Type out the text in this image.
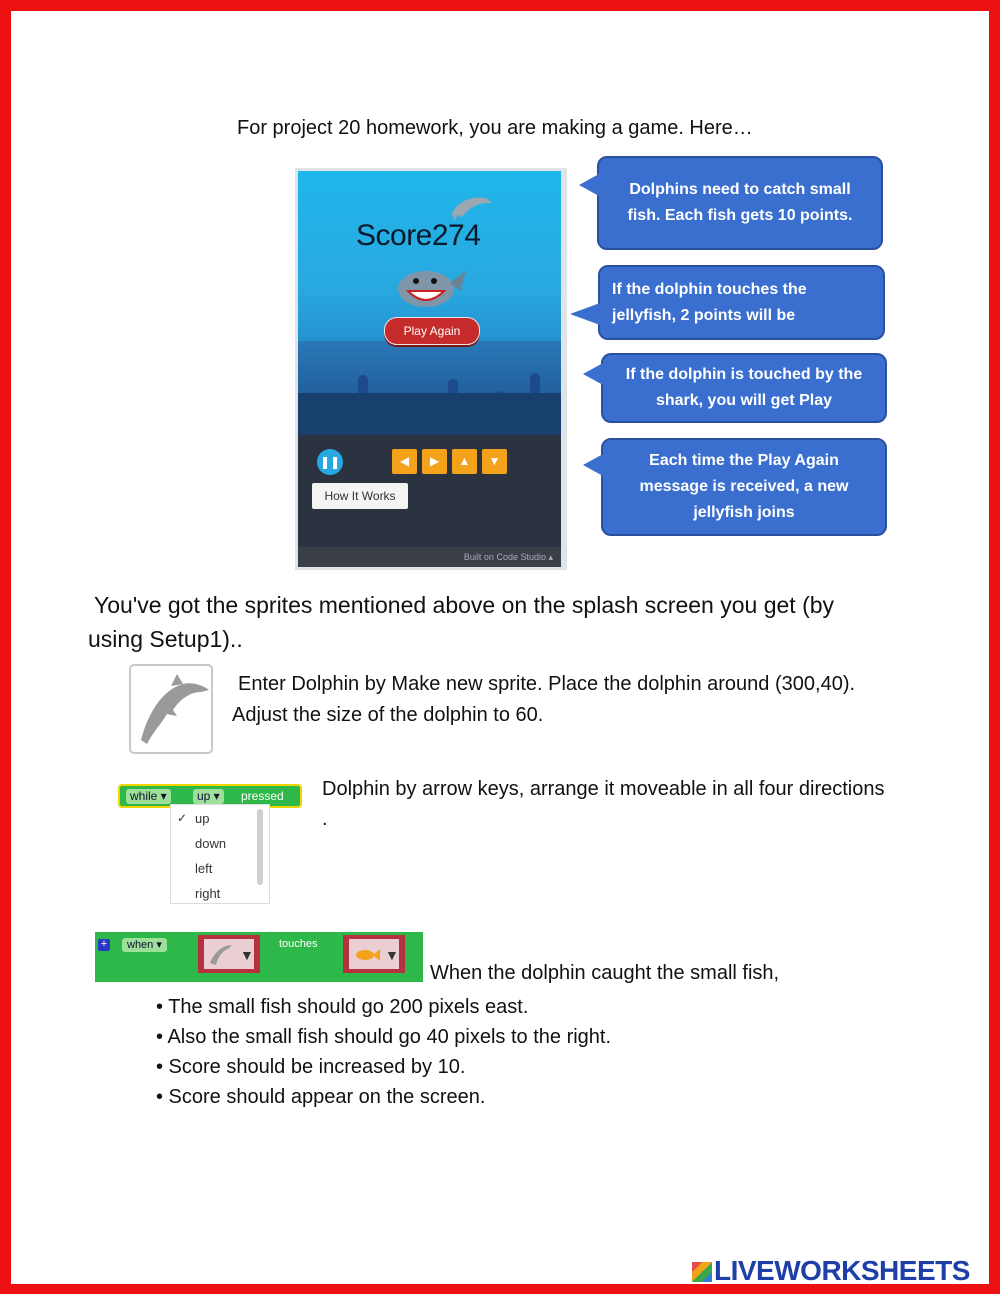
For project 20 homework, you are making a game. Here…
Score274
Play Again
❚❚	◀	▶	▲	▼
How It Works
Built on Code Studio ▴
Dolphins need to catch small fish. Each fish gets 10 points.
If the dolphin touches the jellyfish, 2 points will be
If the dolphin is touched by the shark, you will get Play
Each time the Play Again message is received, a new jellyfish joins
You've got the sprites mentioned above on the splash screen you get (by
using Setup1)..
Enter Dolphin by Make new sprite. Place the dolphin around (300,40).
Adjust the size of the dolphin to 60.
while ▾	up ▾	pressed
✓ up
down
left
right
Dolphin by arrow keys, arrange it moveable in all four directions
.
+	when ▾
▼
touches
▼
When the dolphin caught the small fish,
• The small fish should go 200 pixels east.
• Also the small fish should go 40 pixels to the right.
• Score should be increased by 10.
• Score should appear on the screen.
LIVEWORKSHEETS
